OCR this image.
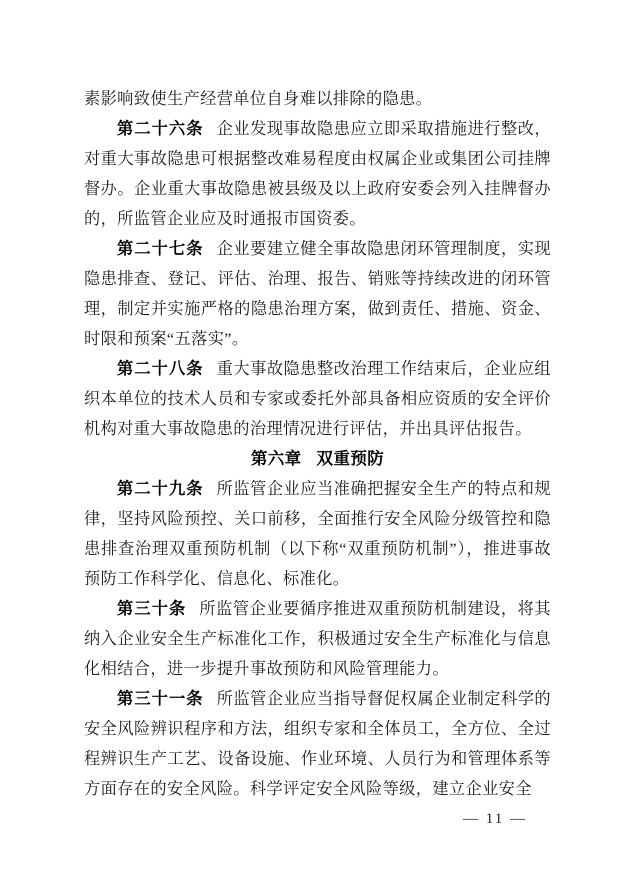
素影响致使生产经营单位自身难以排除的隐患。

第二十六条 企业发现事故隐患应立即采取措施进行整改，对重大事故隐患可根据整改难易程度由权属企业或集团公司挂牌督办。企业重大事故隐患被县级及以上政府安委会列入挂牌督办的，所监管企业应及时通报市国资委。

第二十七条 企业要建立健全事故隐患闭环管理制度，实现隐患排查、登记、评估、治理、报告、销账等持续改进的闭环管理，制定并实施严格的隐患治理方案，做到责任、措施、资金、时限和预案“五落实”。

第二十八条 重大事故隐患整改治理工作结束后，企业应组织本单位的技术人员和专家或委托外部具备相应资质的安全评价机构对重大事故隐患的治理情况进行评估，并出具评估报告。

第六章 双重预防

第二十九条 所监管企业应当准确把握安全生产的特点和规律，坚持风险预控、关口前移，全面推行安全风险分级管控和隐患排查治理双重预防机制（以下称“双重预防机制”），推进事故预防工作科学化、信息化、标准化。

第三十条 所监管企业要循序推进双重预防机制建设，将其纳入企业安全生产标准化工作，积极通过安全生产标准化与信息化相结合，进一步提升事故预防和风险管理能力。

第三十一条 所监管企业应当指导督促权属企业制定科学的安全风险辨识程序和方法，组织专家和全体员工，全方位、全过程辨识生产工艺、设备设施、作业环境、人员行为和管理体系等方面存在的安全风险。科学评定安全风险等级，建立企业安全

— 11 —
